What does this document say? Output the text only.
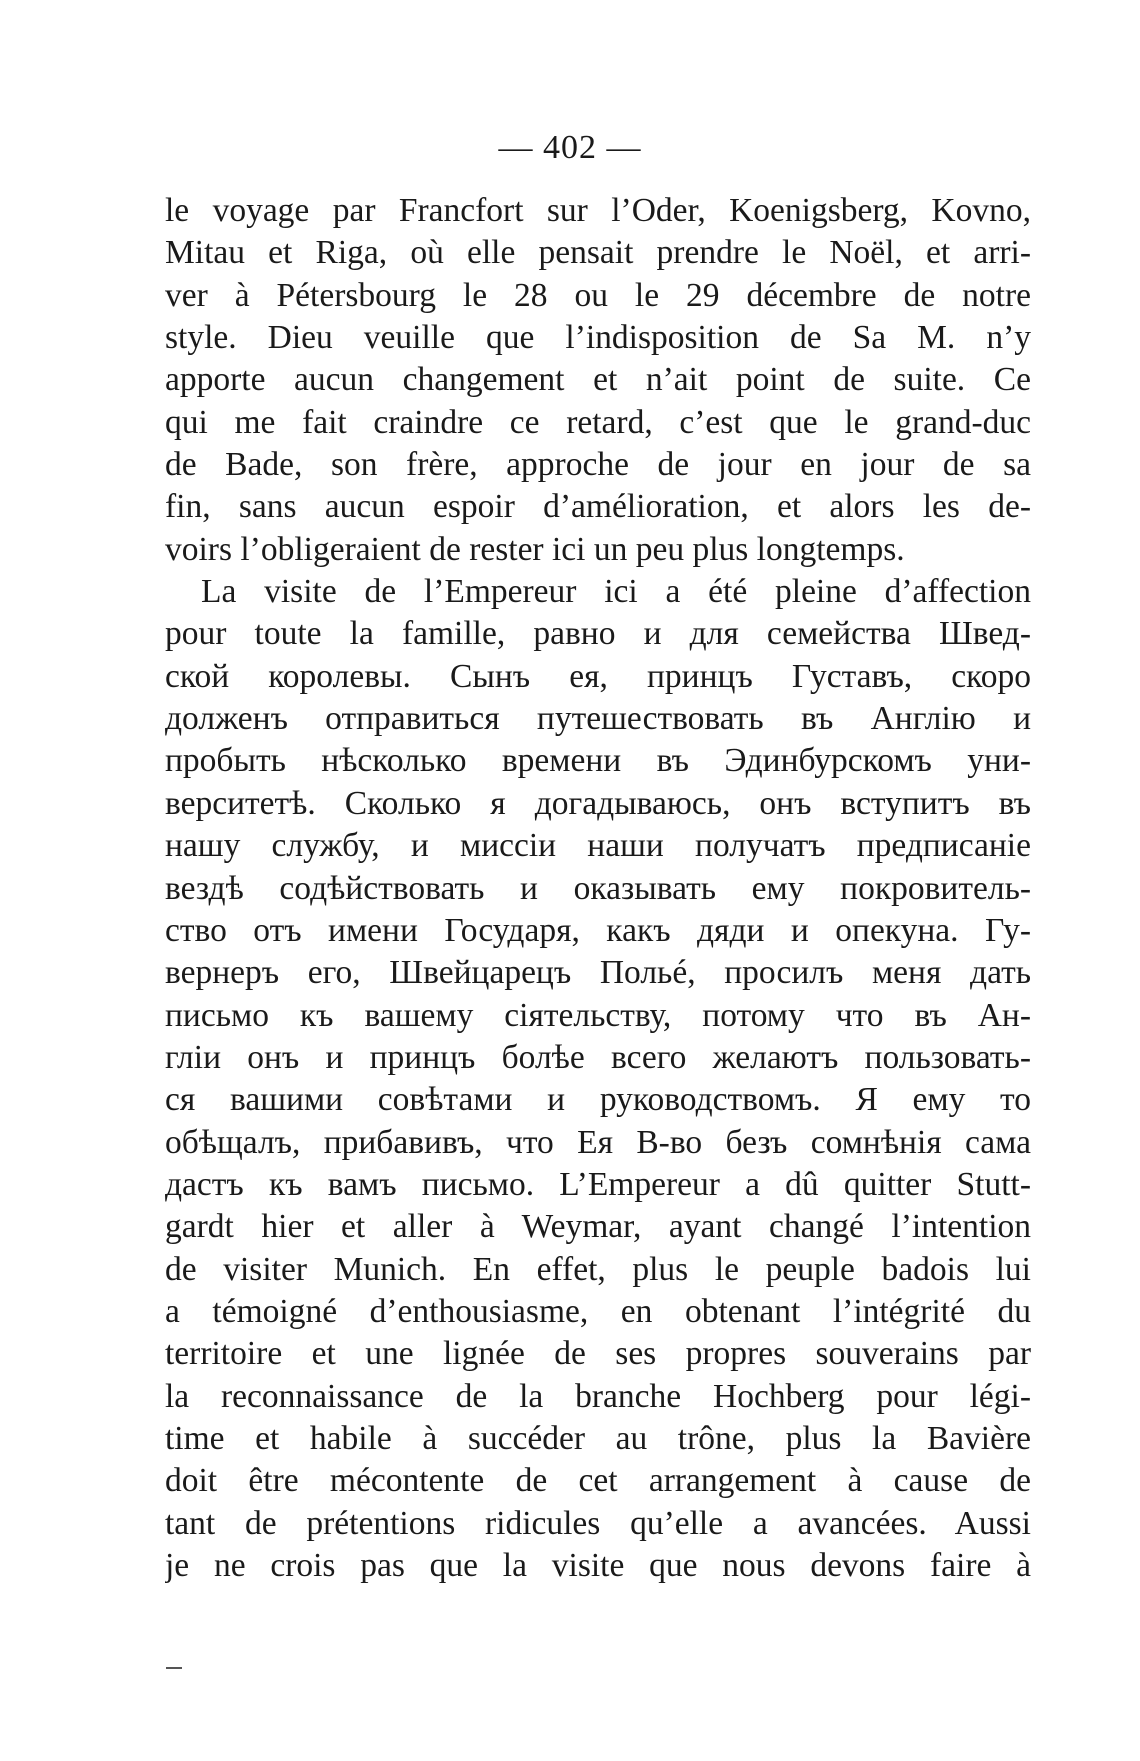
— 402 —
le voyage par Francfort sur l’Oder, Koenigsberg, Kovno,
Mitau et Riga, où elle pensait prendre le Noël, et arri-
ver à Pétersbourg le 28 ou le 29 décembre de notre
style. Dieu veuille que l’indisposition de Sa M. n’y
apporte aucun changement et n’ait point de suite. Ce
qui me fait craindre ce retard, c’est que le grand-duc
de Bade, son frère, approche de jour en jour de sa
fin, sans aucun espoir d’amélioration, et alors les de-
voirs l’obligeraient de rester ici un peu plus longtemps.
La visite de l’Empereur ici a été pleine d’affection
pour toute la famille, равно и для семейства Швед-
ской королевы. Сынъ ея, принцъ Густавъ, скоро
долженъ отправиться путешествовать въ Англію и
пробыть нѣсколько времени въ Эдинбурскомъ уни-
верситетѣ. Сколько я догадываюсь, онъ вступитъ въ
нашу службу, и миссіи наши получатъ предписаніе
вездѣ содѣйствовать и оказывать ему покровитель-
ство отъ имени Государя, какъ дяди и опекуна. Гу-
вернеръ его, Швейцарецъ Польé, просилъ меня дать
письмо къ вашему сіятельству, потому что въ Ан-
гліи онъ и принцъ болѣе всего желаютъ пользовать-
ся вашими совѣтами и руководствомъ. Я ему то
обѣщалъ, прибавивъ, что Ея В-во безъ сомнѣнія сама
дастъ къ вамъ письмо. L’Empereur a dû quitter Stutt-
gardt hier et aller à Weymar, ayant changé l’intention
de visiter Munich. En effet, plus le peuple badois lui
a témoigné d’enthousiasme, en obtenant l’intégrité du
territoire et une lignée de ses propres souverains par
la reconnaissance de la branche Hochberg pour légi-
time et habile à succéder au trône, plus la Bavière
doit être mécontente de cet arrangement à cause de
tant de prétentions ridicules qu’elle a avancées. Aussi
je ne crois pas que la visite que nous devons faire à
